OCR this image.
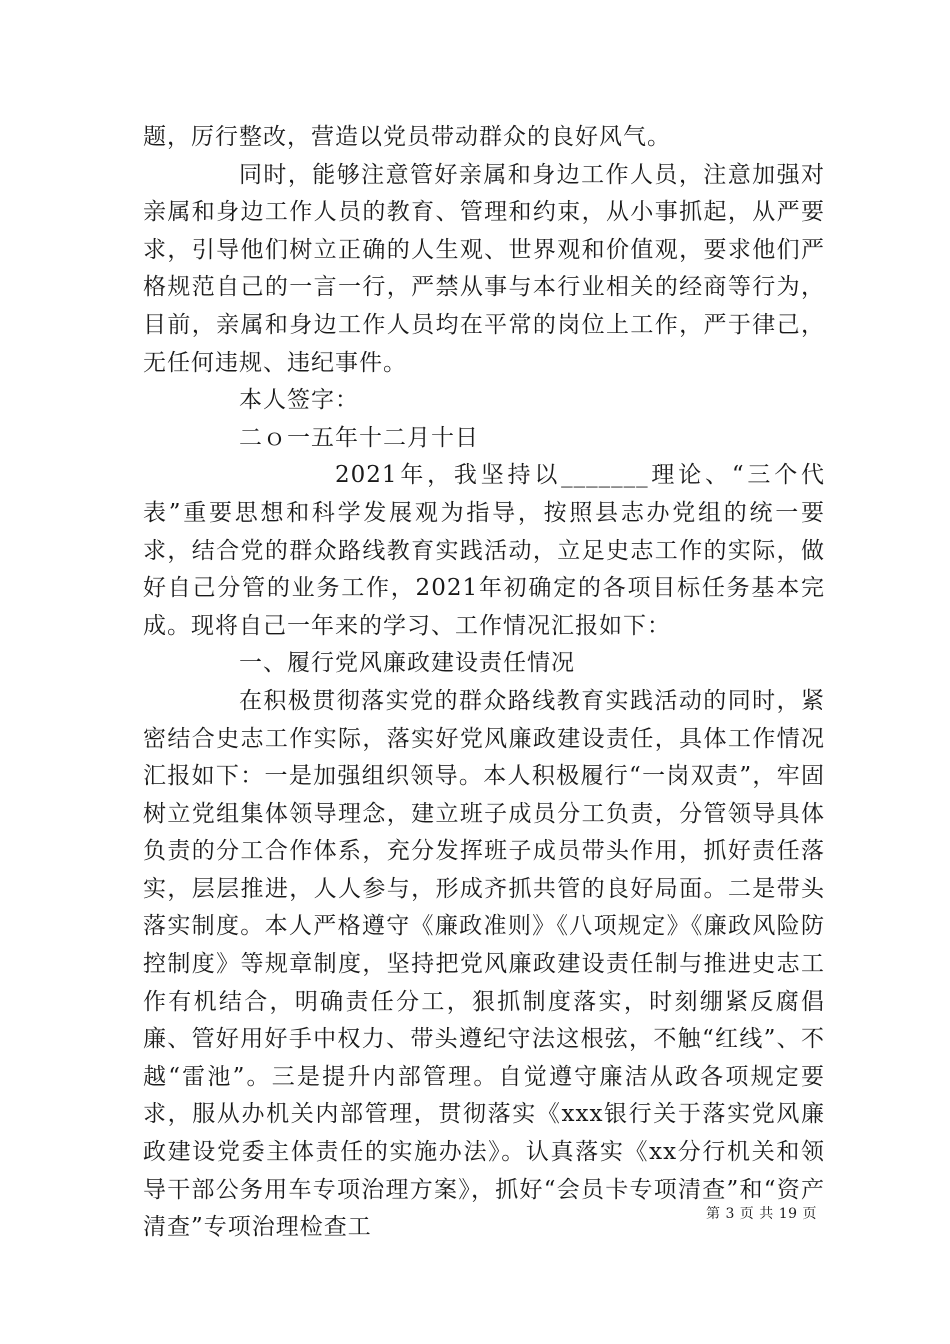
题，厉行整改，营造以党员带动群众的良好风气。

同时，能够注意管好亲属和身边工作人员，注意加强对亲属和身边工作人员的教育、管理和约束，从小事抓起，从严要求，引导他们树立正确的人生观、世界观和价值观，要求他们严格规范自己的一言一行，严禁从事与本行业相关的经商等行为，目前，亲属和身边工作人员均在平常的岗位上工作，严于律己，无任何违规、违纪事件。

本人签字：

二ｏ一五年十二月十日

2021年，我坚持以_______理论、“三个代表”重要思想和科学发展观为指导，按照县志办党组的统一要求，结合党的群众路线教育实践活动，立足史志工作的实际，做好自己分管的业务工作，2021年初确定的各项目标任务基本完成。现将自己一年来的学习、工作情况汇报如下：

一、履行党风廉政建设责任情况

在积极贯彻落实党的群众路线教育实践活动的同时，紧密结合史志工作实际，落实好党风廉政建设责任，具体工作情况汇报如下：一是加强组织领导。本人积极履行“一岗双责”，牢固树立党组集体领导理念，建立班子成员分工负责，分管领导具体负责的分工合作体系，充分发挥班子成员带头作用，抓好责任落实，层层推进，人人参与，形成齐抓共管的良好局面。二是带头落实制度。本人严格遵守《廉政准则》《八项规定》《廉政风险防控制度》等规章制度，坚持把党风廉政建设责任制与推进史志工作有机结合，明确责任分工，狠抓制度落实，时刻绷紧反腐倡廉、管好用好手中权力、带头遵纪守法这根弦，不触“红线”、不越“雷池”。三是提升内部管理。自觉遵守廉洁从政各项规定要求，服从办机关内部管理，贯彻落实《xxx银行关于落实党风廉政建设党委主体责任的实施办法》。认真落实《xx分行机关和领导干部公务用车专项治理方案》，抓好“会员卡专项清查”和“资产清查”专项治理检查工

第 3 页 共 19 页
